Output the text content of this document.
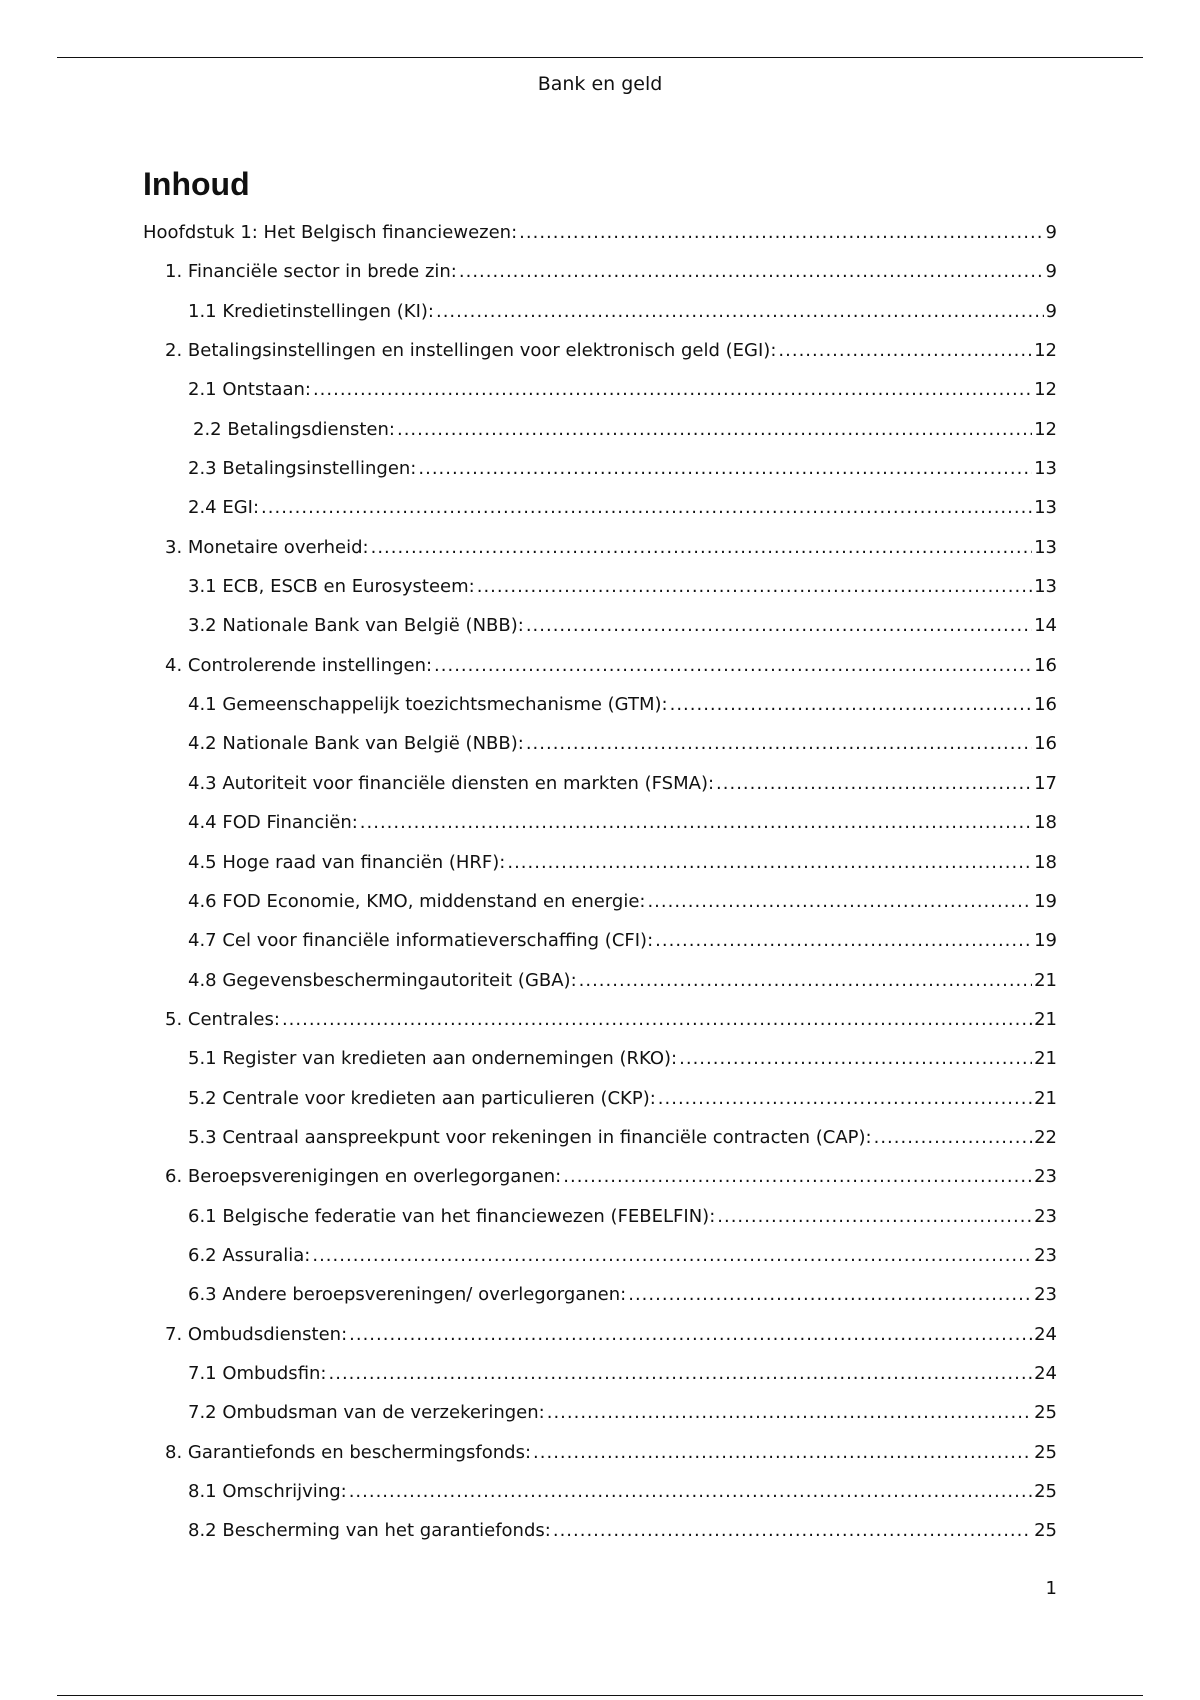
Bank en geld
Inhoud
Hoofdstuk 1: Het Belgisch financiewezen: .....	9
1. Financiële sector in brede zin: .....	9
1.1 Kredietinstellingen (KI): .....	9
2. Betalingsinstellingen en instellingen voor elektronisch geld (EGI): .....	12
2.1 Ontstaan: .....	12
2.2 Betalingsdiensten: .....	12
2.3 Betalingsinstellingen: .....	13
2.4 EGI: .....	13
3. Monetaire overheid: .....	13
3.1 ECB, ESCB en Eurosysteem: .....	13
3.2 Nationale Bank van België (NBB): .....	14
4. Controlerende instellingen: .....	16
4.1 Gemeenschappelijk toezichtsmechanisme (GTM): .....	16
4.2 Nationale Bank van België (NBB): .....	16
4.3 Autoriteit voor financiële diensten en markten (FSMA): .....	17
4.4 FOD Financiën: .....	18
4.5 Hoge raad van financiën (HRF): .....	18
4.6 FOD Economie, KMO, middenstand en energie: .....	19
4.7 Cel voor financiële informatieverschaffing (CFI): .....	19
4.8 Gegevensbeschermingautoriteit (GBA): .....	21
5. Centrales: .....	21
5.1 Register van kredieten aan ondernemingen (RKO): .....	21
5.2 Centrale voor kredieten aan particulieren (CKP): .....	21
5.3 Centraal aanspreekpunt voor rekeningen in financiële contracten (CAP): .....	22
6. Beroepsverenigingen en overlegorganen: .....	23
6.1 Belgische federatie van het financiewezen (FEBELFIN): .....	23
6.2 Assuralia: .....	23
6.3 Andere beroepsvereningen/ overlegorganen: .....	23
7. Ombudsdiensten: .....	24
7.1 Ombudsfin: .....	24
7.2 Ombudsman van de verzekeringen: .....	25
8. Garantiefonds en beschermingsfonds: .....	25
8.1 Omschrijving: .....	25
8.2 Bescherming van het garantiefonds: .....	25
1
